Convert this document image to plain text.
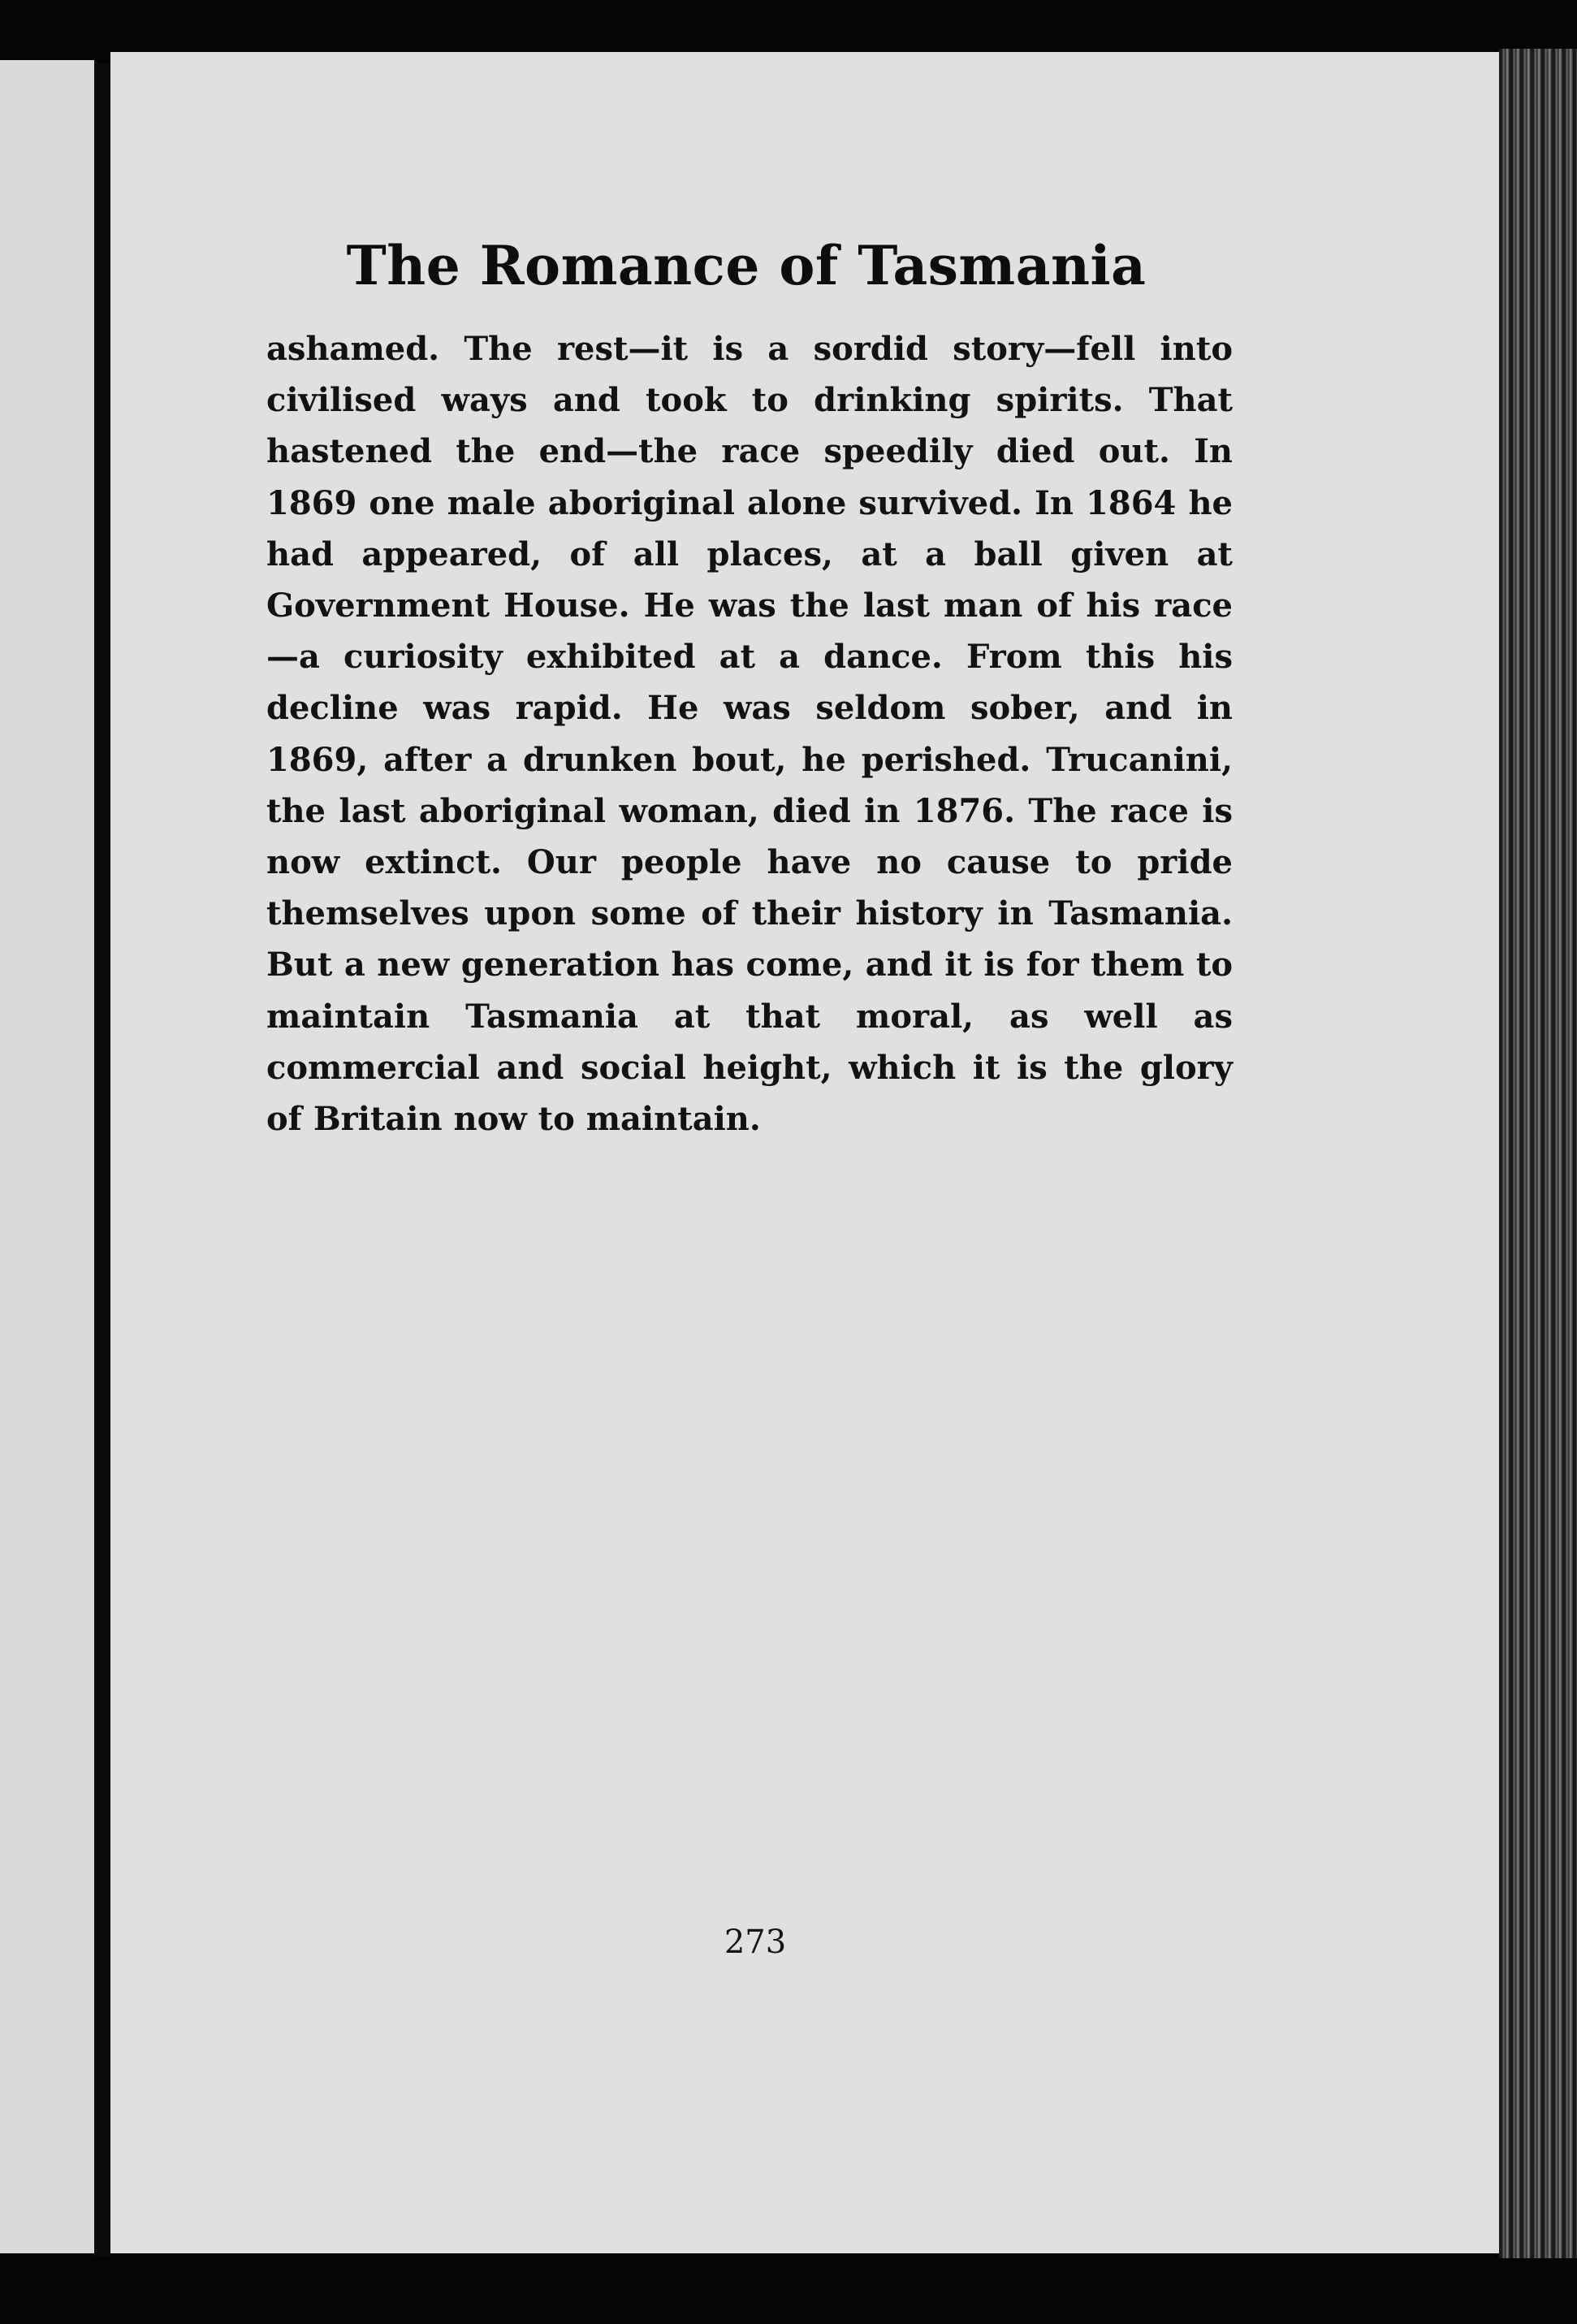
The Romance of Tasmania

ashamed. The rest—it is a sordid story—fell into civilised ways and took to drinking spirits. That hastened the end—the race speedily died out. In 1869 one male aboriginal alone survived. In 1864 he had appeared, of all places, at a ball given at Government House. He was the last man of his race—a curiosity exhibited at a dance. From this his decline was rapid. He was seldom sober, and in 1869, after a drunken bout, he perished. Trucanini, the last aboriginal woman, died in 1876. The race is now extinct. Our people have no cause to pride themselves upon some of their history in Tasmania. But a new generation has come, and it is for them to maintain Tasmania at that moral, as well as commercial and social height, which it is the glory of Britain now to maintain.

273
